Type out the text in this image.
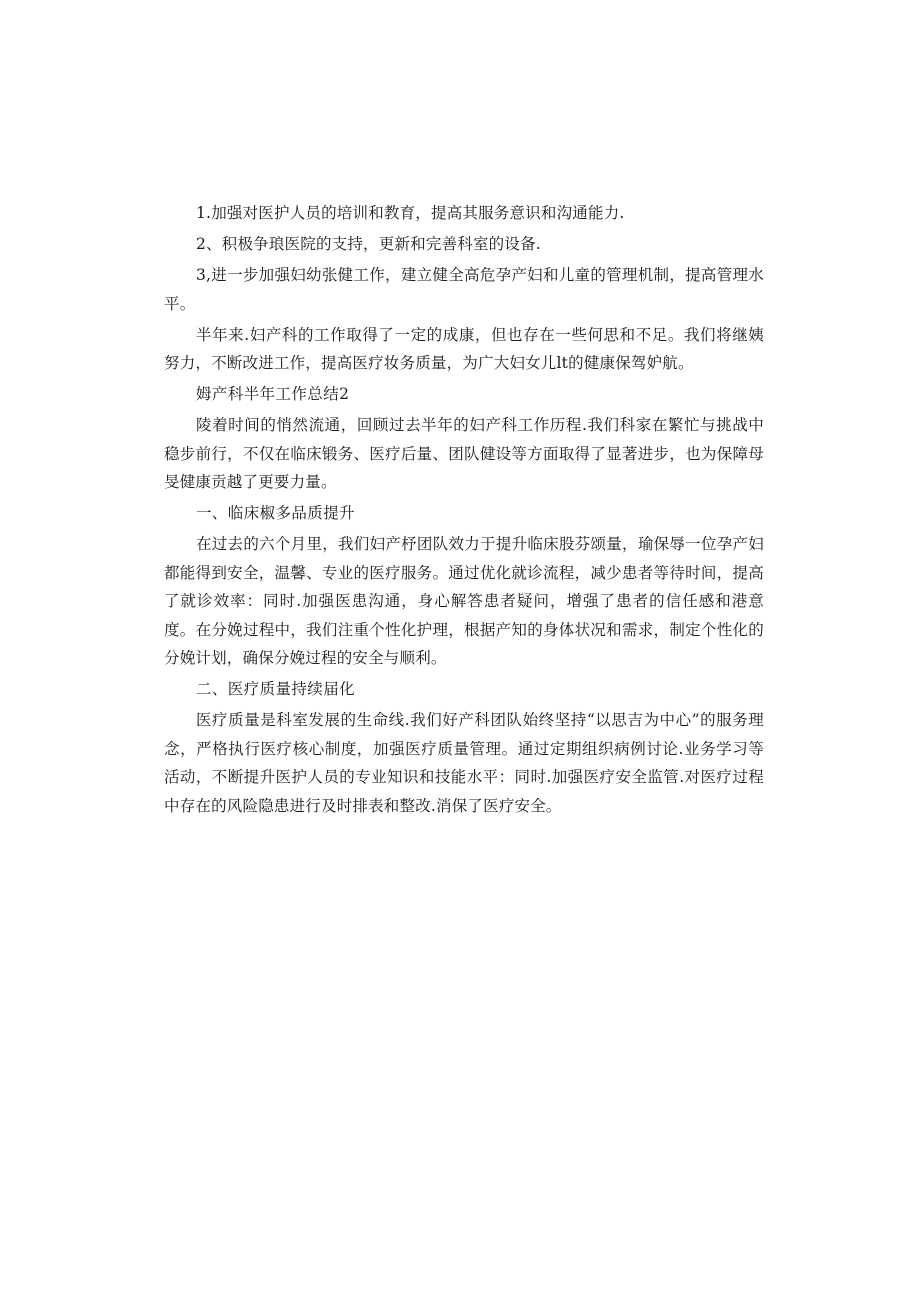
1.加强对医护人员的培训和教育，提高其服务意识和沟通能力.

2、积极争琅医院的支持，更新和完善科室的设备.

3,进一步加强妇幼张健工作，建立健全高危孕产妇和儿童的管理机制，提高管理水平。

半年来.妇产科的工作取得了一定的成康，但也存在一些何思和不足。我们将继姨努力，不断改进工作，提高医疗妆务质量，为广大妇女儿lt的健康保驾妒航。

姆产科半年工作总结2

陵着时间的悄然流通，回顾过去半年的妇产科工作历程.我们科家在繁忙与挑战中稳步前行，不仅在临床锻务、医疗后量、团队健设等方面取得了显著进步，也为保障母旻健康贡越了更要力量。

一、临床椒多品质提升

在过去的六个月里，我们妇产杼团队效力于提升临床股芬颂量，瑜保辱一位孕产妇都能得到安全，温馨、专业的医疗服务。通过优化就诊流程，减少患者等待时间，提高了就诊效率：同时.加强医患沟通，身心解答患者疑问，增强了患者的信任感和港意度。在分娩过程中，我们注重个性化护理，根据产知的身体状况和需求，制定个性化的分娩计划，确保分娩过程的安全与顺利。

二、医疗质量持续届化

医疗质量是科室发展的生命线.我们好产科团队始终坚持“以思吉为中心”的服务理念，严格执行医疗核心制度，加强医疗质量管理。通过定期组织病例讨论.业务学习等活动，不断提升医护人员的专业知识和技能水平：同时.加强医疗安全监管.对医疗过程中存在的风险隐患进行及时排表和整改.消保了医疗安全。
